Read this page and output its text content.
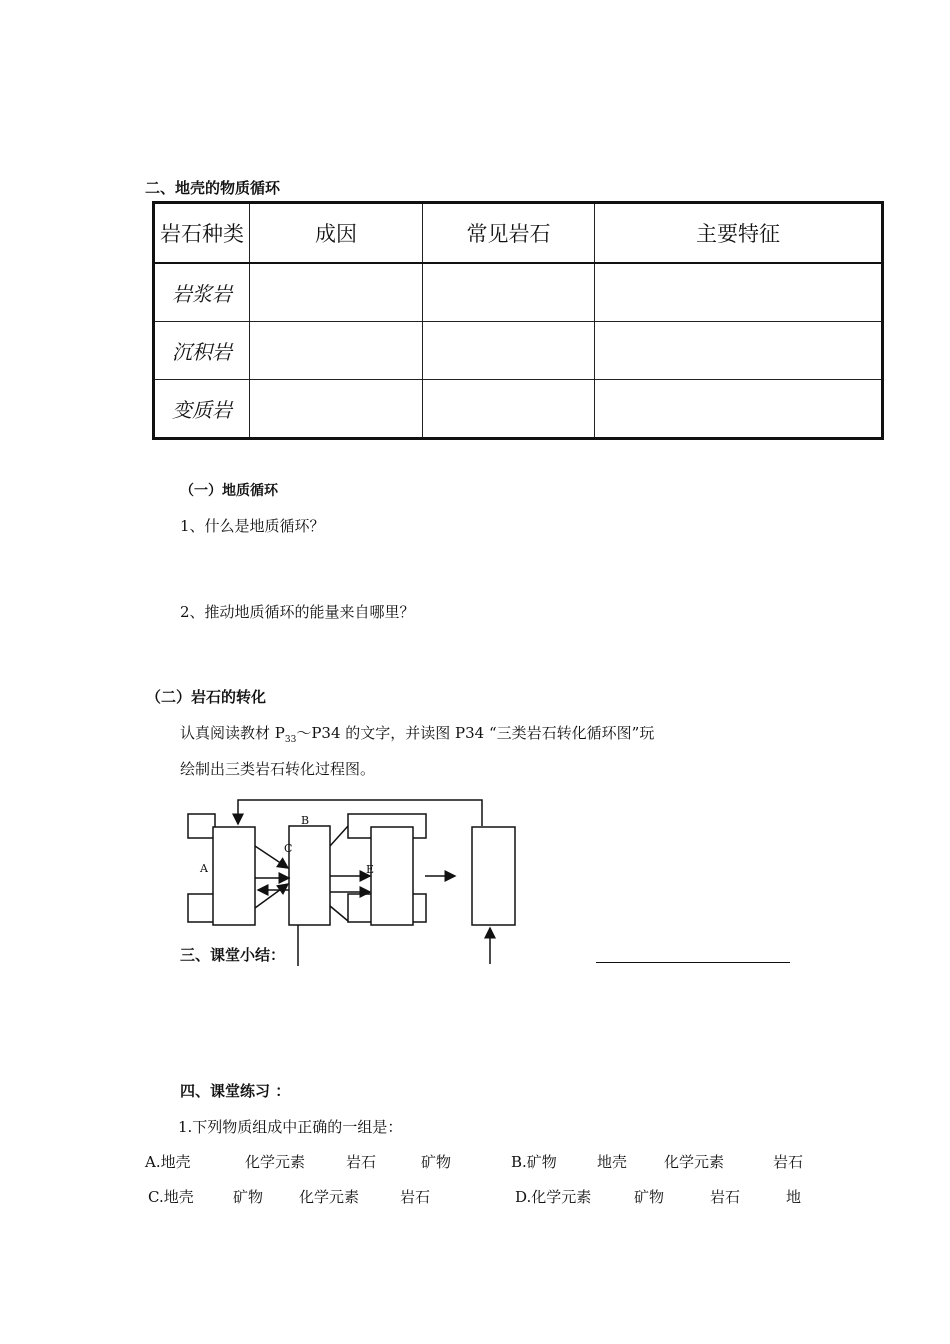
二、地壳的物质循环
岩石种类	成因	常见岩石	主要特征
岩浆岩			
沉积岩			
变质岩			
（一）地质循环
1、什么是地质循环？
2、推动地质循环的能量来自哪里？
（二）岩石的转化
认真阅读教材 $P_{33}\sim P34$ 的文字，并读图 P34 “三类岩石转化循环图”玩
绘制出三类岩石转化过程图。
B
A
C
E
三、课堂小结：
四、课堂练习 ：
1.下列物质组成中正确的一组是：
A.地壳	化学元素	岩石	矿物	B.矿物	地壳 化学元素	岩石
C.地壳	矿物 化学元素	岩石	D.化学元素	矿物	岩石	地
